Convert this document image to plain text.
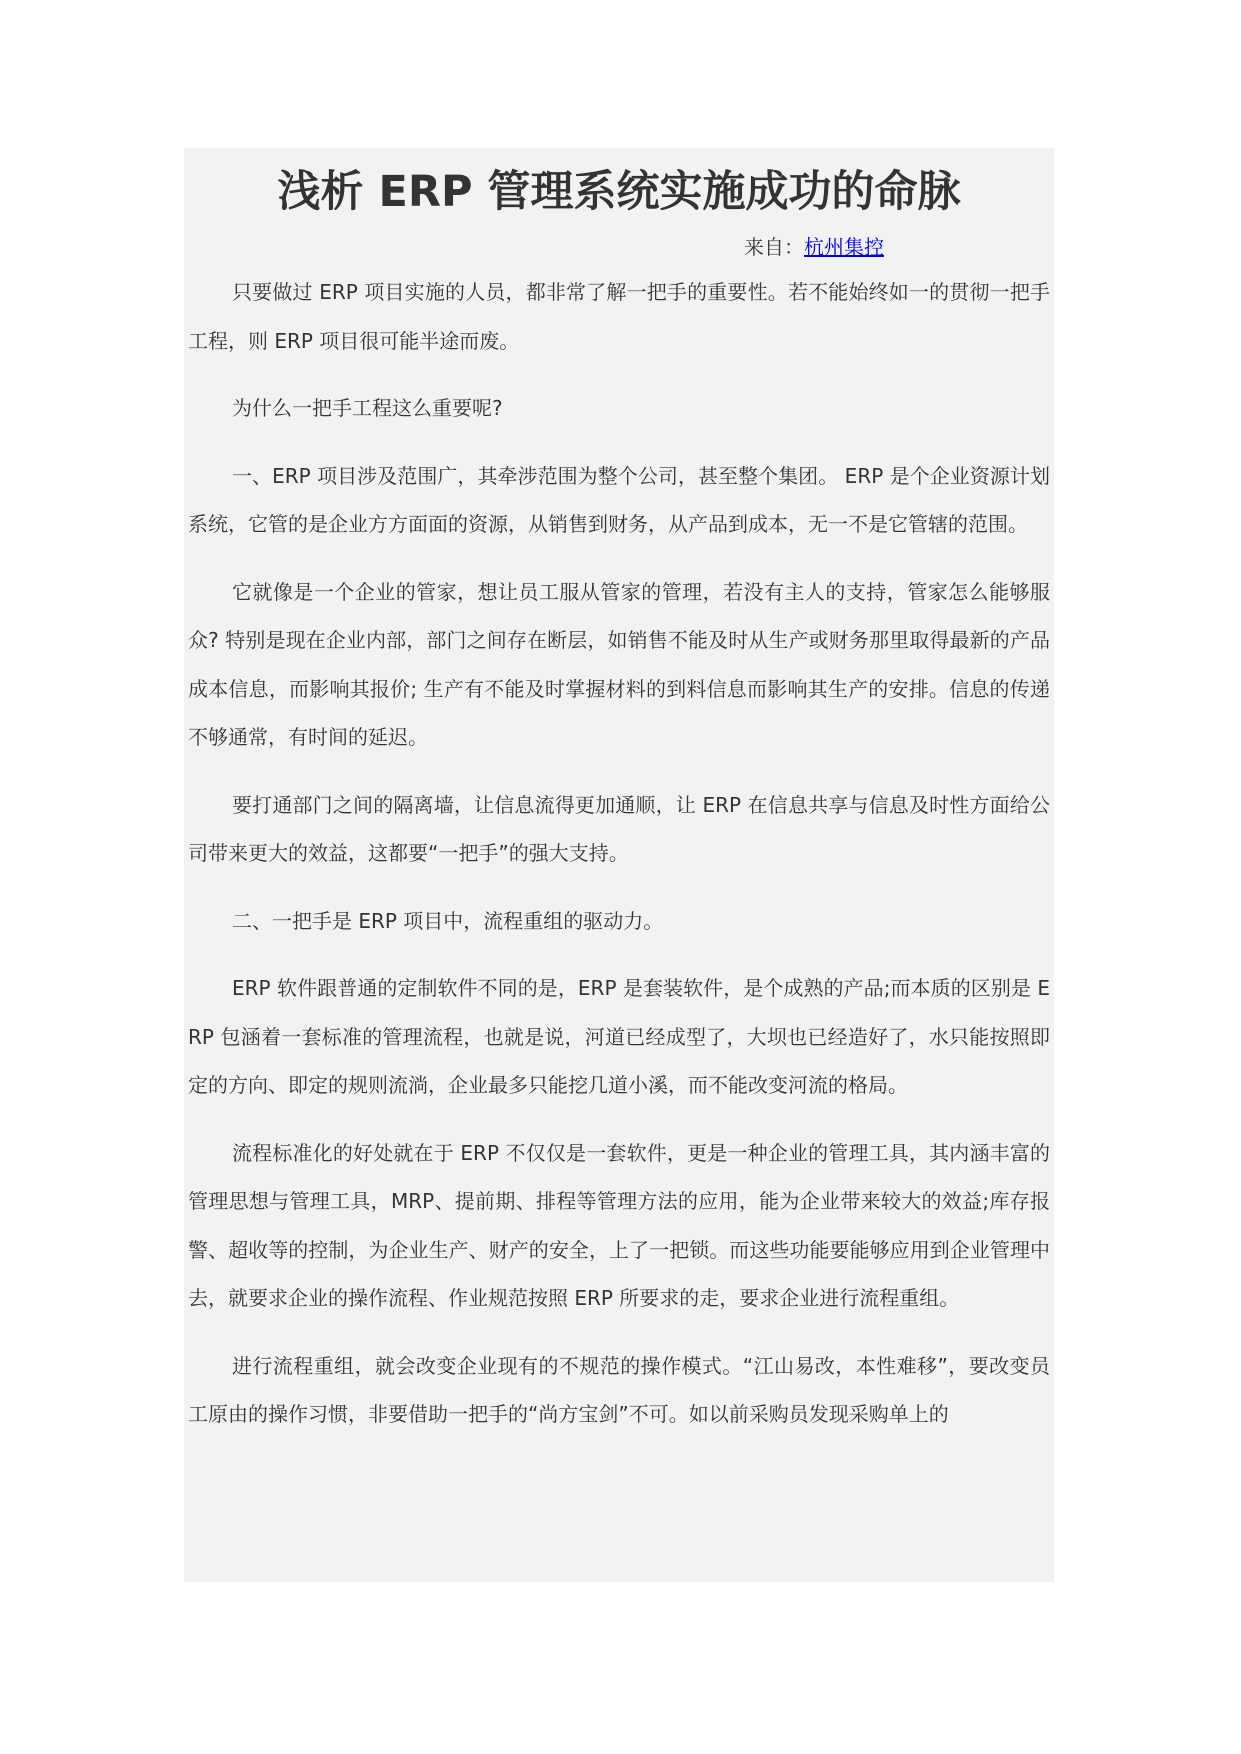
浅析 ERP 管理系统实施成功的命脉
来自：杭州集控

只要做过 ERP 项目实施的人员，都非常了解一把手的重要性。若不能始终如一的贯彻一把手工程，则 ERP 项目很可能半途而废。

为什么一把手工程这么重要呢?

一、ERP 项目涉及范围广，其牵涉范围为整个公司，甚至整个集团。 ERP 是个企业资源计划系统，它管的是企业方方面面的资源，从销售到财务，从产品到成本，无一不是它管辖的范围。

它就像是一个企业的管家，想让员工服从管家的管理，若没有主人的支持，管家怎么能够服众? 特别是现在企业内部，部门之间存在断层，如销售不能及时从生产或财务那里取得最新的产品成本信息，而影响其报价; 生产有不能及时掌握材料的到料信息而影响其生产的安排。信息的传递不够通常，有时间的延迟。

要打通部门之间的隔离墙，让信息流得更加通顺，让 ERP 在信息共享与信息及时性方面给公司带来更大的效益，这都要“一把手”的强大支持。

二、一把手是 ERP 项目中，流程重组的驱动力。

ERP 软件跟普通的定制软件不同的是，ERP 是套装软件，是个成熟的产品;而本质的区别是 ERP 包涵着一套标准的管理流程，也就是说，河道已经成型了，大坝也已经造好了，水只能按照即定的方向、即定的规则流淌，企业最多只能挖几道小溪，而不能改变河流的格局。

流程标准化的好处就在于 ERP 不仅仅是一套软件，更是一种企业的管理工具，其内涵丰富的管理思想与管理工具，MRP、提前期、排程等管理方法的应用，能为企业带来较大的效益;库存报警、超收等的控制，为企业生产、财产的安全，上了一把锁。而这些功能要能够应用到企业管理中去，就要求企业的操作流程、作业规范按照 ERP 所要求的走，要求企业进行流程重组。

进行流程重组，就会改变企业现有的不规范的操作模式。“江山易改，本性难移”，要改变员工原由的操作习惯，非要借助一把手的“尚方宝剑”不可。如以前采购员发现采购单上的
